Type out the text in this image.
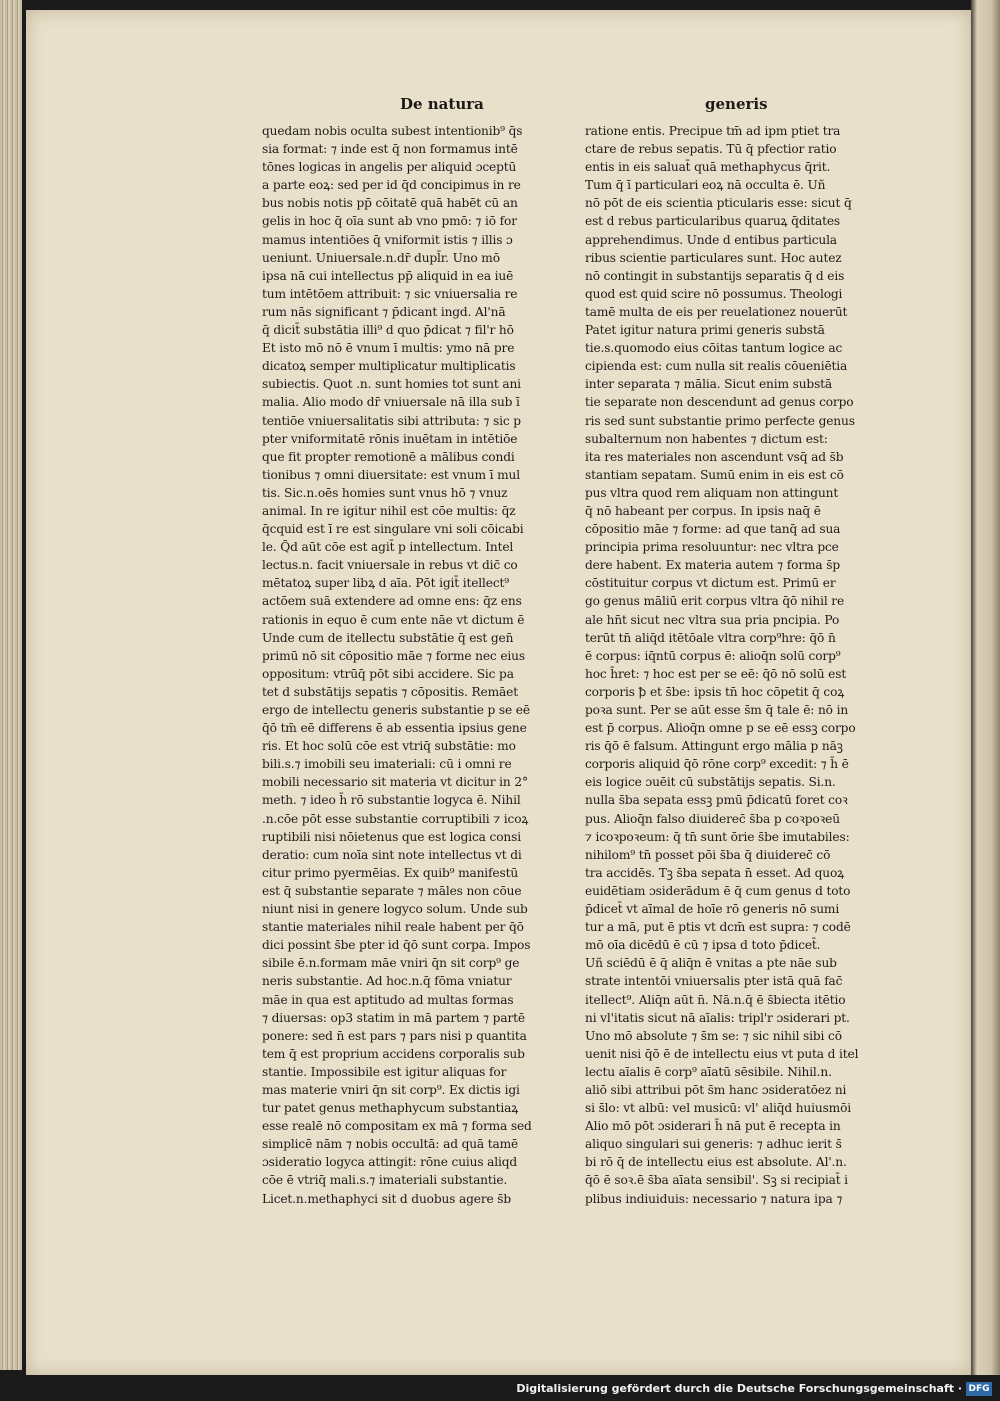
De natura	generis
quedam nobis oculta subest intentionib⁹ q̄s
sia format: ⁊ inde est q̄ non formamus intē
tōnes logicas in angelis per aliquid ɔceptū
a parte eoꝝ: sed per id q̄d concipimus in re
bus nobis notis pp̄ cōitatē quā habēt cū an
gelis in hoc q̄ oīa sunt ab vno pmō: ⁊ iō for
mamus intentiōes q̄ vniformit istis ⁊ illis ɔ
ueniunt. Uniuersale.n.dr̄ dupl̄r. Uno mō
ipsa nā cui intellectus pp̄ aliquid in ea iuē
tum intētōem attribuit: ⁊ sic vniuersalia re
rum nās significant ⁊ p̄dicant ingd. Al'nā
q̄ dicit̄ substātia illi⁹ d quo p̄dicat ⁊ fil'r hō
Et isto mō nō ē vnum ī multis: ymo nā pre
dicatoꝝ semper multiplicatur multiplicatis
subiectis. Quot .n. sunt homies tot sunt ani
malia. Alio modo dr̄ vniuersale nā illa sub ī
tentiōe vniuersalitatis sibi attributa: ⁊ sic p
pter vniformitatē rōnis inuētam in intētiōe
que fit propter remotionē a mālibus condi
tionibus ⁊ omni diuersitate: est vnum ī mul
tis. Sic.n.oēs homies sunt vnus hō ⁊ vnuz
animal. In re igitur nihil est cōe multis: q̄z
q̄cquid est ī re est singulare vni soli cōicabi
le. Q̄d aūt cōe est agit̄ p intellectum. Intel
lectus.n. facit vniuersale in rebus vt dic̄ co
mētatoꝝ super libꝝ d aīa. Pōt igit̄ itellect⁹
actōem suā extendere ad omne ens: q̄z ens
rationis in equo ē cum ente nāe vt dictum ē
Unde cum de itellectu substātie q̄ est gen̄
primū nō sit cōpositio māe ⁊ forme nec eius
oppositum: vtrūq̄ pōt sibi accidere. Sic pa
tet d substātijs sepatis ⁊ cōpositis. Remāet
ergo de intellectu generis substantie p se eē
q̄ō tm̄ eē differens ē ab essentia ipsius gene
ris. Et hoc solū cōe est vtriq̄ substātie: mo
bili.s.⁊ imobili seu imateriali: cū i omni re
mobili necessario sit materia vt dicitur in 2°
meth. ⁊ ideo h̄ rō substantie logyca ē. Nihil
.n.cōe pōt esse substantie corruptibili ⁊ icoꝝ
ruptibili nisi nōietenus que est logica consi
deratio: cum noīa sint note intellectus vt di
citur primo pyermēias. Ex quib⁹ manifestū
est q̄ substantie separate ⁊ māles non cōue
niunt nisi in genere logyco solum. Unde sub
stantie materiales nihil reale habent per q̄ō
dici possint s̄be pter id q̄ō sunt corpa. Impos
sibile ē.n.formam māe vniri q̄n sit corp⁹ ge
neris substantie. Ad hoc.n.q̄ fōma vniatur
māe in qua est aptitudo ad multas formas
⁊ diuersas: op3 statim in mā partem ⁊ partē
ponere: sed n̄ est pars ⁊ pars nisi p quantita
tem q̄ est proprium accidens corporalis sub
stantie. Impossibile est igitur aliquas for
mas materie vniri q̄n sit corp⁹. Ex dictis igi
tur patet genus methaphycum substantiaꝝ
esse realē nō compositam ex mā ⁊ forma sed
simplicē nām ⁊ nobis occultā: ad quā tamē
ɔsideratio logyca attingit: rōne cuius aliqd
cōe ē vtriq̄ mali.s.⁊ imateriali substantie.
Licet.n.methaphyci sit d duobus agere s̄b
ratione entis. Precipue tm̄ ad ipm ptiet tra
ctare de rebus sepatis. Tū q̄ pfectior ratio
entis in eis saluat̄ quā methaphycus q̄rit.
Tum q̄ ī particulari eoꝝ nā occulta ē. Uñ
nō pōt de eis scientia pticularis esse: sicut q̄
est d rebus particularibus quaruꝝ q̄ditates
apprehendimus. Unde d entibus particula
ribus scientie particulares sunt. Hoc autez
nō contingit in substantijs separatis q̄ d eis
quod est quid scire nō possumus. Theologi
tamē multa de eis per reuelationez nouerūt
Patet igitur natura primi generis substā
tie.s.quomodo eius cōitas tantum logice ac
cipienda est: cum nulla sit realis cōueniētia
inter separata ⁊ mālia. Sicut enim substā
tie separate non descendunt ad genus corpo
ris sed sunt substantie primo perfecte genus
subalternum non habentes ⁊ dictum est:
ita res materiales non ascendunt vsq̄ ad s̄b
stantiam sepatam. Sumū enim in eis est cō
pus vltra quod rem aliquam non attingunt
q̄ nō habeant per corpus. In ipsis naq̄ ē
cōpositio māe ⁊ forme: ad que tanq̄ ad sua
principia prima resoluuntur: nec vltra pce
dere habent. Ex materia autem ⁊ forma s̄p
cōstituitur corpus vt dictum est. Primū er
go genus māliū erit corpus vltra q̄ō nihil re
ale hn̄t sicut nec vltra sua pria pncipia. Po
terūt tn̄ aliq̄d itētōale vltra corp⁹hre: q̄ō n̄
ē corpus: iq̄ntū corpus ē: alioq̄n solū corp⁹
hoc h̄ret: ⁊ hoc est per se eē: q̄ō nō solū est
corporis ꝥ et s̄be: ipsis tn̄ hoc cōpetit q̄ coꝝ
poꝛa sunt. Per se aūt esse s̄m q̄ tale ē: nō in
est p̄ corpus. Alioq̄n omne p se eē essꝫ corpo
ris q̄ō ē falsum. Attingunt ergo mālia p nāꝫ
corporis aliquid q̄ō rōne corp⁹ excedit: ⁊ h̄ ē
eis logice ɔuēit cū substātijs sepatis. Si.n.
nulla s̄ba sepata essꝫ pmū p̄dicatū foret coꝛ
pus. Alioq̄n falso diuiderec̄ s̄ba p coꝛpoꝛeū
⁊ icoꝛpoꝛeum: q̄ tn̄ sunt ōrie s̄be imutabiles:
nihilom⁹ tn̄ posset pōi s̄ba q̄ diuiderec̄ cō
tra accidēs. Tꝫ s̄ba sepata n̄ esset. Ad quoꝝ
euidētiam ɔsiderādum ē q̄ cum genus d toto
p̄dicet̄ vt aīmal de hoīe rō generis nō sumi
tur a mā, put ē ptis vt dcm̄ est supra: ⁊ codē
mō oīa dicēdū ē cū ⁊ ipsa d toto p̄dicet̄.
Uñ sciēdū ē q̄ aliq̄n ē vnitas a pte nāe sub
strate intentōi vniuersalis pter istā quā fac̄
itellect⁹. Aliq̄n aūt n̄. Nā.n.q̄ ē s̄biecta itētio
ni vl'itatis sicut nā aīalis: tripl'r ɔsiderari pt.
Uno mō absolute ⁊ s̄m se: ⁊ sic nihil sibi cō
uenit nisi q̄ō ē de intellectu eius vt puta d itel
lectu aīalis ē corp⁹ aīatū sēsibile. Nihil.n.
aliō sibi attribui pōt s̄m hanc ɔsideratōez ni
si s̄lo: vt albū: vel musicū: vl' aliq̄d huiusmōi
Alio mō pōt ɔsiderari h̄ nā put ē recepta in
aliquo singulari sui generis: ⁊ adhuc ierit s̄
bi rō q̄ de intellectu eius est absolute. Al'.n.
q̄ō ē soꝛ.ē s̄ba aīata sensibil'. Sꝫ si recipiat̄ i
plibus indiuiduis: necessario ⁊ natura ipa ⁊
Digitalisierung gefördert durch die Deutsche Forschungsgemeinschaft · DFG
